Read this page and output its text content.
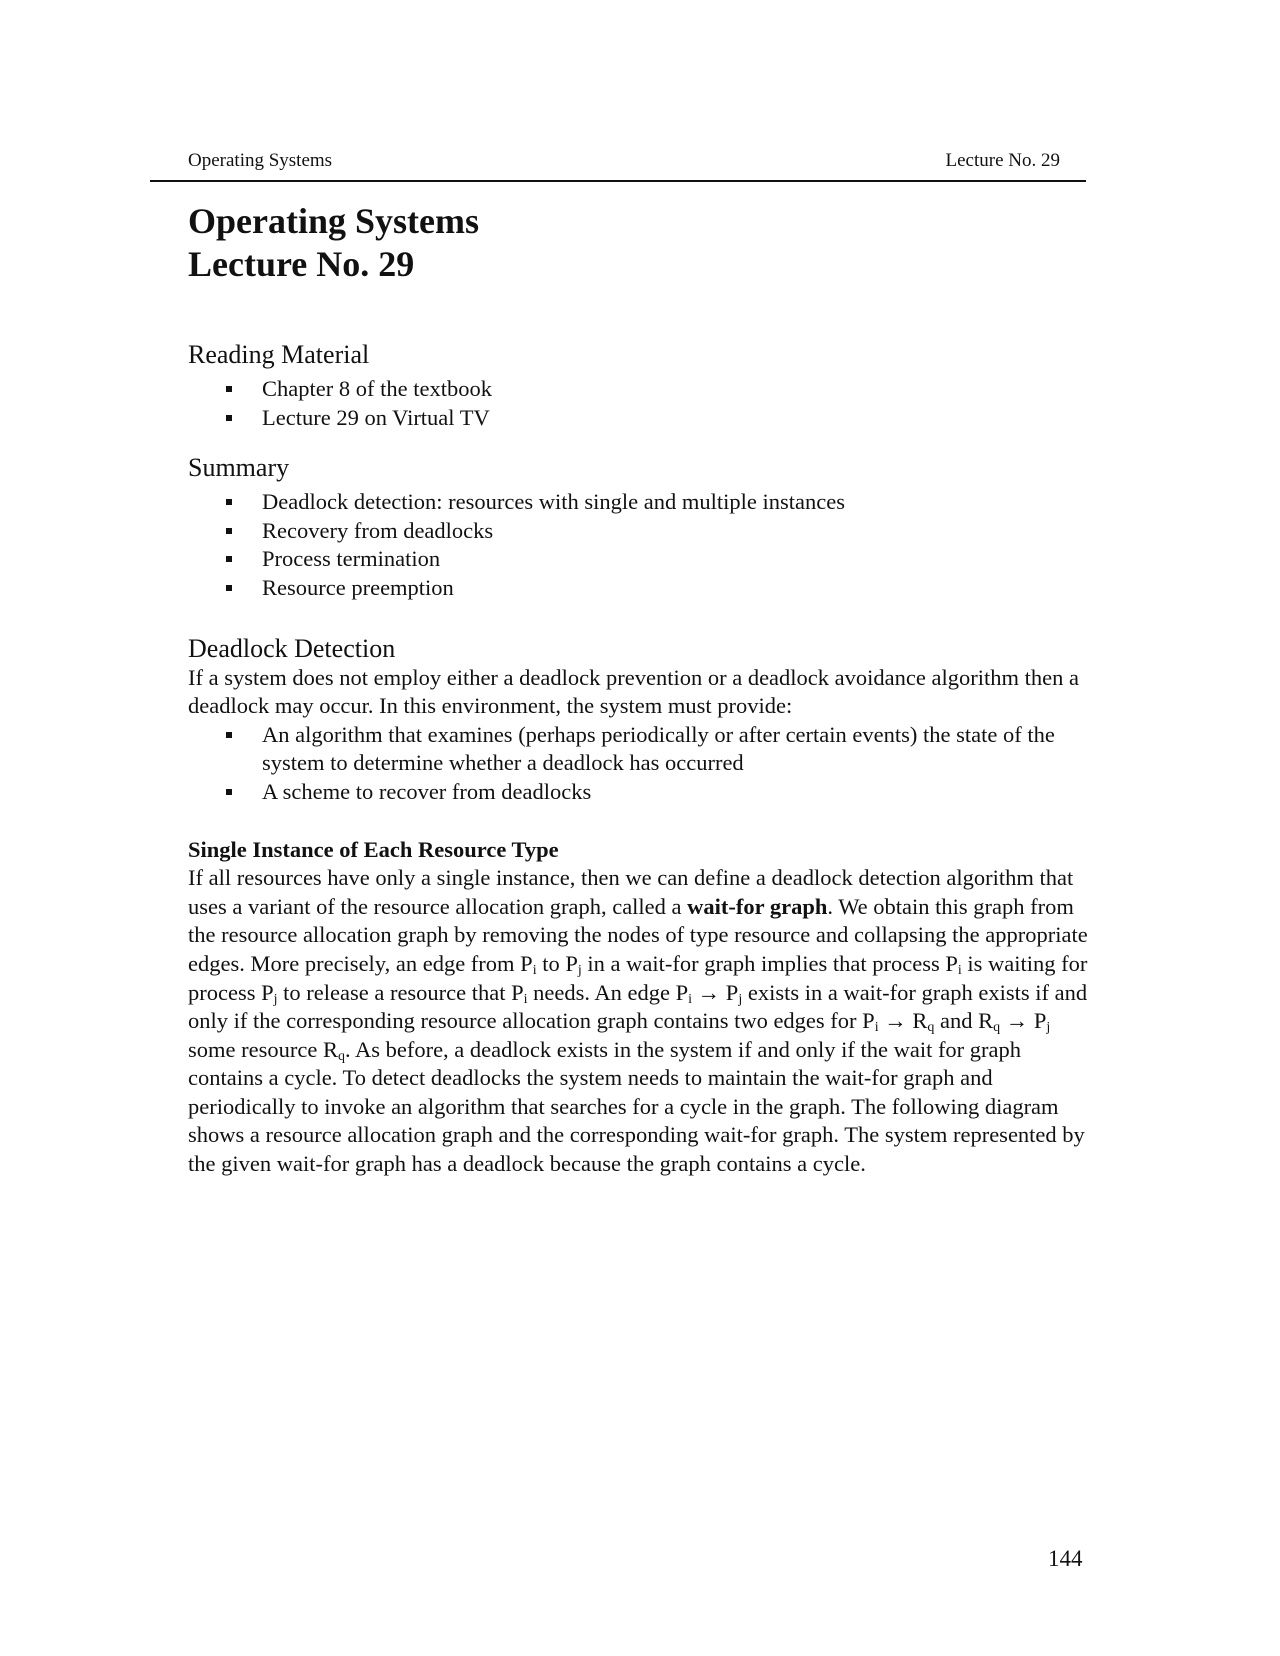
Operating Systems	Lecture No. 29
Operating Systems
Lecture No. 29
Reading Material
Chapter 8 of the textbook
Lecture 29 on Virtual TV
Summary
Deadlock detection: resources with single and multiple instances
Recovery from deadlocks
Process termination
Resource preemption
Deadlock Detection

If a system does not employ either a deadlock prevention or a deadlock avoidance algorithm then a deadlock may occur. In this environment, the system must provide:

An algorithm that examines (perhaps periodically or after certain events) the state of the system to determine whether a deadlock has occurred
A scheme to recover from deadlocks
Single Instance of Each Resource Type

If all resources have only a single instance, then we can define a deadlock detection algorithm that uses a variant of the resource allocation graph, called a wait-for graph. We obtain this graph from the resource allocation graph by removing the nodes of type resource and collapsing the appropriate edges. More precisely, an edge from $P_i$ to $P_j$ in a wait-for graph implies that process $P_i$ is waiting for process $P_j$ to release a resource that $P_i$ needs. An edge $P_i \to P_j$ exists in a wait-for graph exists if and only if the corresponding resource allocation graph contains two edges for $P_i \to R_q$ and $R_q \to P_j$ some resource $R_q$. As before, a deadlock exists in the system if and only if the wait for graph contains a cycle. To detect deadlocks the system needs to maintain the wait-for graph and periodically to invoke an algorithm that searches for a cycle in the graph. The following diagram shows a resource allocation graph and the corresponding wait-for graph. The system represented by the given wait-for graph has a deadlock because the graph contains a cycle.

144
